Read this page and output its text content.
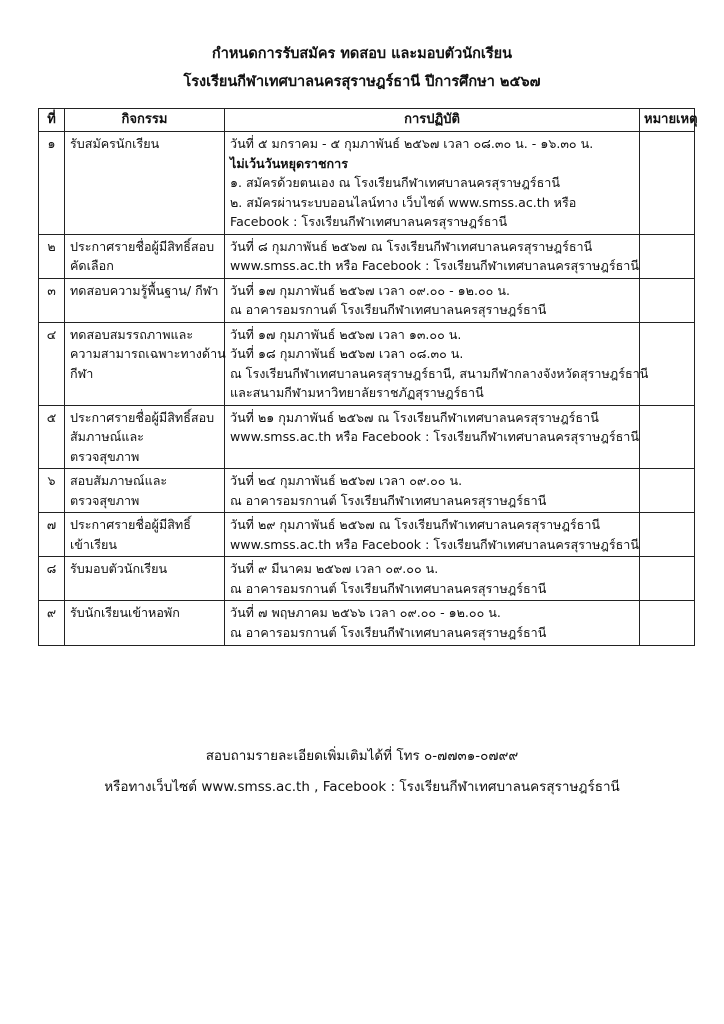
กำหนดการรับสมัคร ทดสอบ และมอบตัวนักเรียน
โรงเรียนกีฬาเทศบาลนครสุราษฎร์ธานี ปีการศึกษา ๒๕๖๗
ที่	กิจกรรม	การปฏิบัติ	หมายเหตุ
๑	รับสมัครนักเรียน	วันที่ ๕ มกราคม - ๕ กุมภาพันธ์ ๒๕๖๗ เวลา ๐๘.๓๐ น. - ๑๖.๓๐ น.
ไม่เว้นวันหยุดราชการ
๑. สมัครด้วยตนเอง ณ โรงเรียนกีฬาเทศบาลนครสุราษฎร์ธานี
๒. สมัครผ่านระบบออนไลน์ทาง เว็บไซต์ www.smss.ac.th หรือ
Facebook : โรงเรียนกีฬาเทศบาลนครสุราษฎร์ธานี	

๒	ประกาศรายชื่อผู้มีสิทธิ์สอบ
คัดเลือก	วันที่ ๘ กุมภาพันธ์ ๒๕๖๗ ณ โรงเรียนกีฬาเทศบาลนครสุราษฎร์ธานี
www.smss.ac.th หรือ Facebook : โรงเรียนกีฬาเทศบาลนครสุราษฎร์ธานี	

๓	ทดสอบความรู้พื้นฐาน/ กีฬา	วันที่ ๑๗ กุมภาพันธ์ ๒๕๖๗ เวลา ๐๙.๐๐ - ๑๒.๐๐ น.
ณ อาคารอมรกานต์ โรงเรียนกีฬาเทศบาลนครสุราษฎร์ธานี	

๔	ทดสอบสมรรถภาพและ
ความสามารถเฉพาะทางด้าน
กีฬา	วันที่ ๑๗ กุมภาพันธ์ ๒๕๖๗ เวลา ๑๓.๐๐ น.
วันที่ ๑๘ กุมภาพันธ์ ๒๕๖๗ เวลา ๐๘.๓๐ น.
ณ โรงเรียนกีฬาเทศบาลนครสุราษฎร์ธานี, สนามกีฬากลางจังหวัดสุราษฎร์ธานี
และสนามกีฬามหาวิทยาลัยราชภัฏสุราษฎร์ธานี	

๕	ประกาศรายชื่อผู้มีสิทธิ์สอบ
สัมภาษณ์และ
ตรวจสุขภาพ	วันที่ ๒๑ กุมภาพันธ์ ๒๕๖๗ ณ โรงเรียนกีฬาเทศบาลนครสุราษฎร์ธานี
www.smss.ac.th หรือ Facebook : โรงเรียนกีฬาเทศบาลนครสุราษฎร์ธานี	

๖	สอบสัมภาษณ์และ
ตรวจสุขภาพ	วันที่ ๒๔ กุมภาพันธ์ ๒๕๖๗ เวลา ๐๙.๐๐ น.
ณ อาคารอมรกานต์ โรงเรียนกีฬาเทศบาลนครสุราษฎร์ธานี	

๗	ประกาศรายชื่อผู้มีสิทธิ์
เข้าเรียน	วันที่ ๒๙ กุมภาพันธ์ ๒๕๖๗ ณ โรงเรียนกีฬาเทศบาลนครสุราษฎร์ธานี
www.smss.ac.th หรือ Facebook : โรงเรียนกีฬาเทศบาลนครสุราษฎร์ธานี	

๘	รับมอบตัวนักเรียน	วันที่ ๙ มีนาคม ๒๕๖๗ เวลา ๐๙.๐๐ น.
ณ อาคารอมรกานต์ โรงเรียนกีฬาเทศบาลนครสุราษฎร์ธานี	

๙	รับนักเรียนเข้าหอพัก	วันที่ ๗ พฤษภาคม ๒๕๖๖ เวลา ๐๙.๐๐ - ๑๒.๐๐ น.
ณ อาคารอมรกานต์ โรงเรียนกีฬาเทศบาลนครสุราษฎร์ธานี	

สอบถามรายละเอียดเพิ่มเติมได้ที่ โทร ๐-๗๗๓๑-๐๗๙๙
หรือทางเว็บไซต์ www.smss.ac.th , Facebook : โรงเรียนกีฬาเทศบาลนครสุราษฎร์ธานี
